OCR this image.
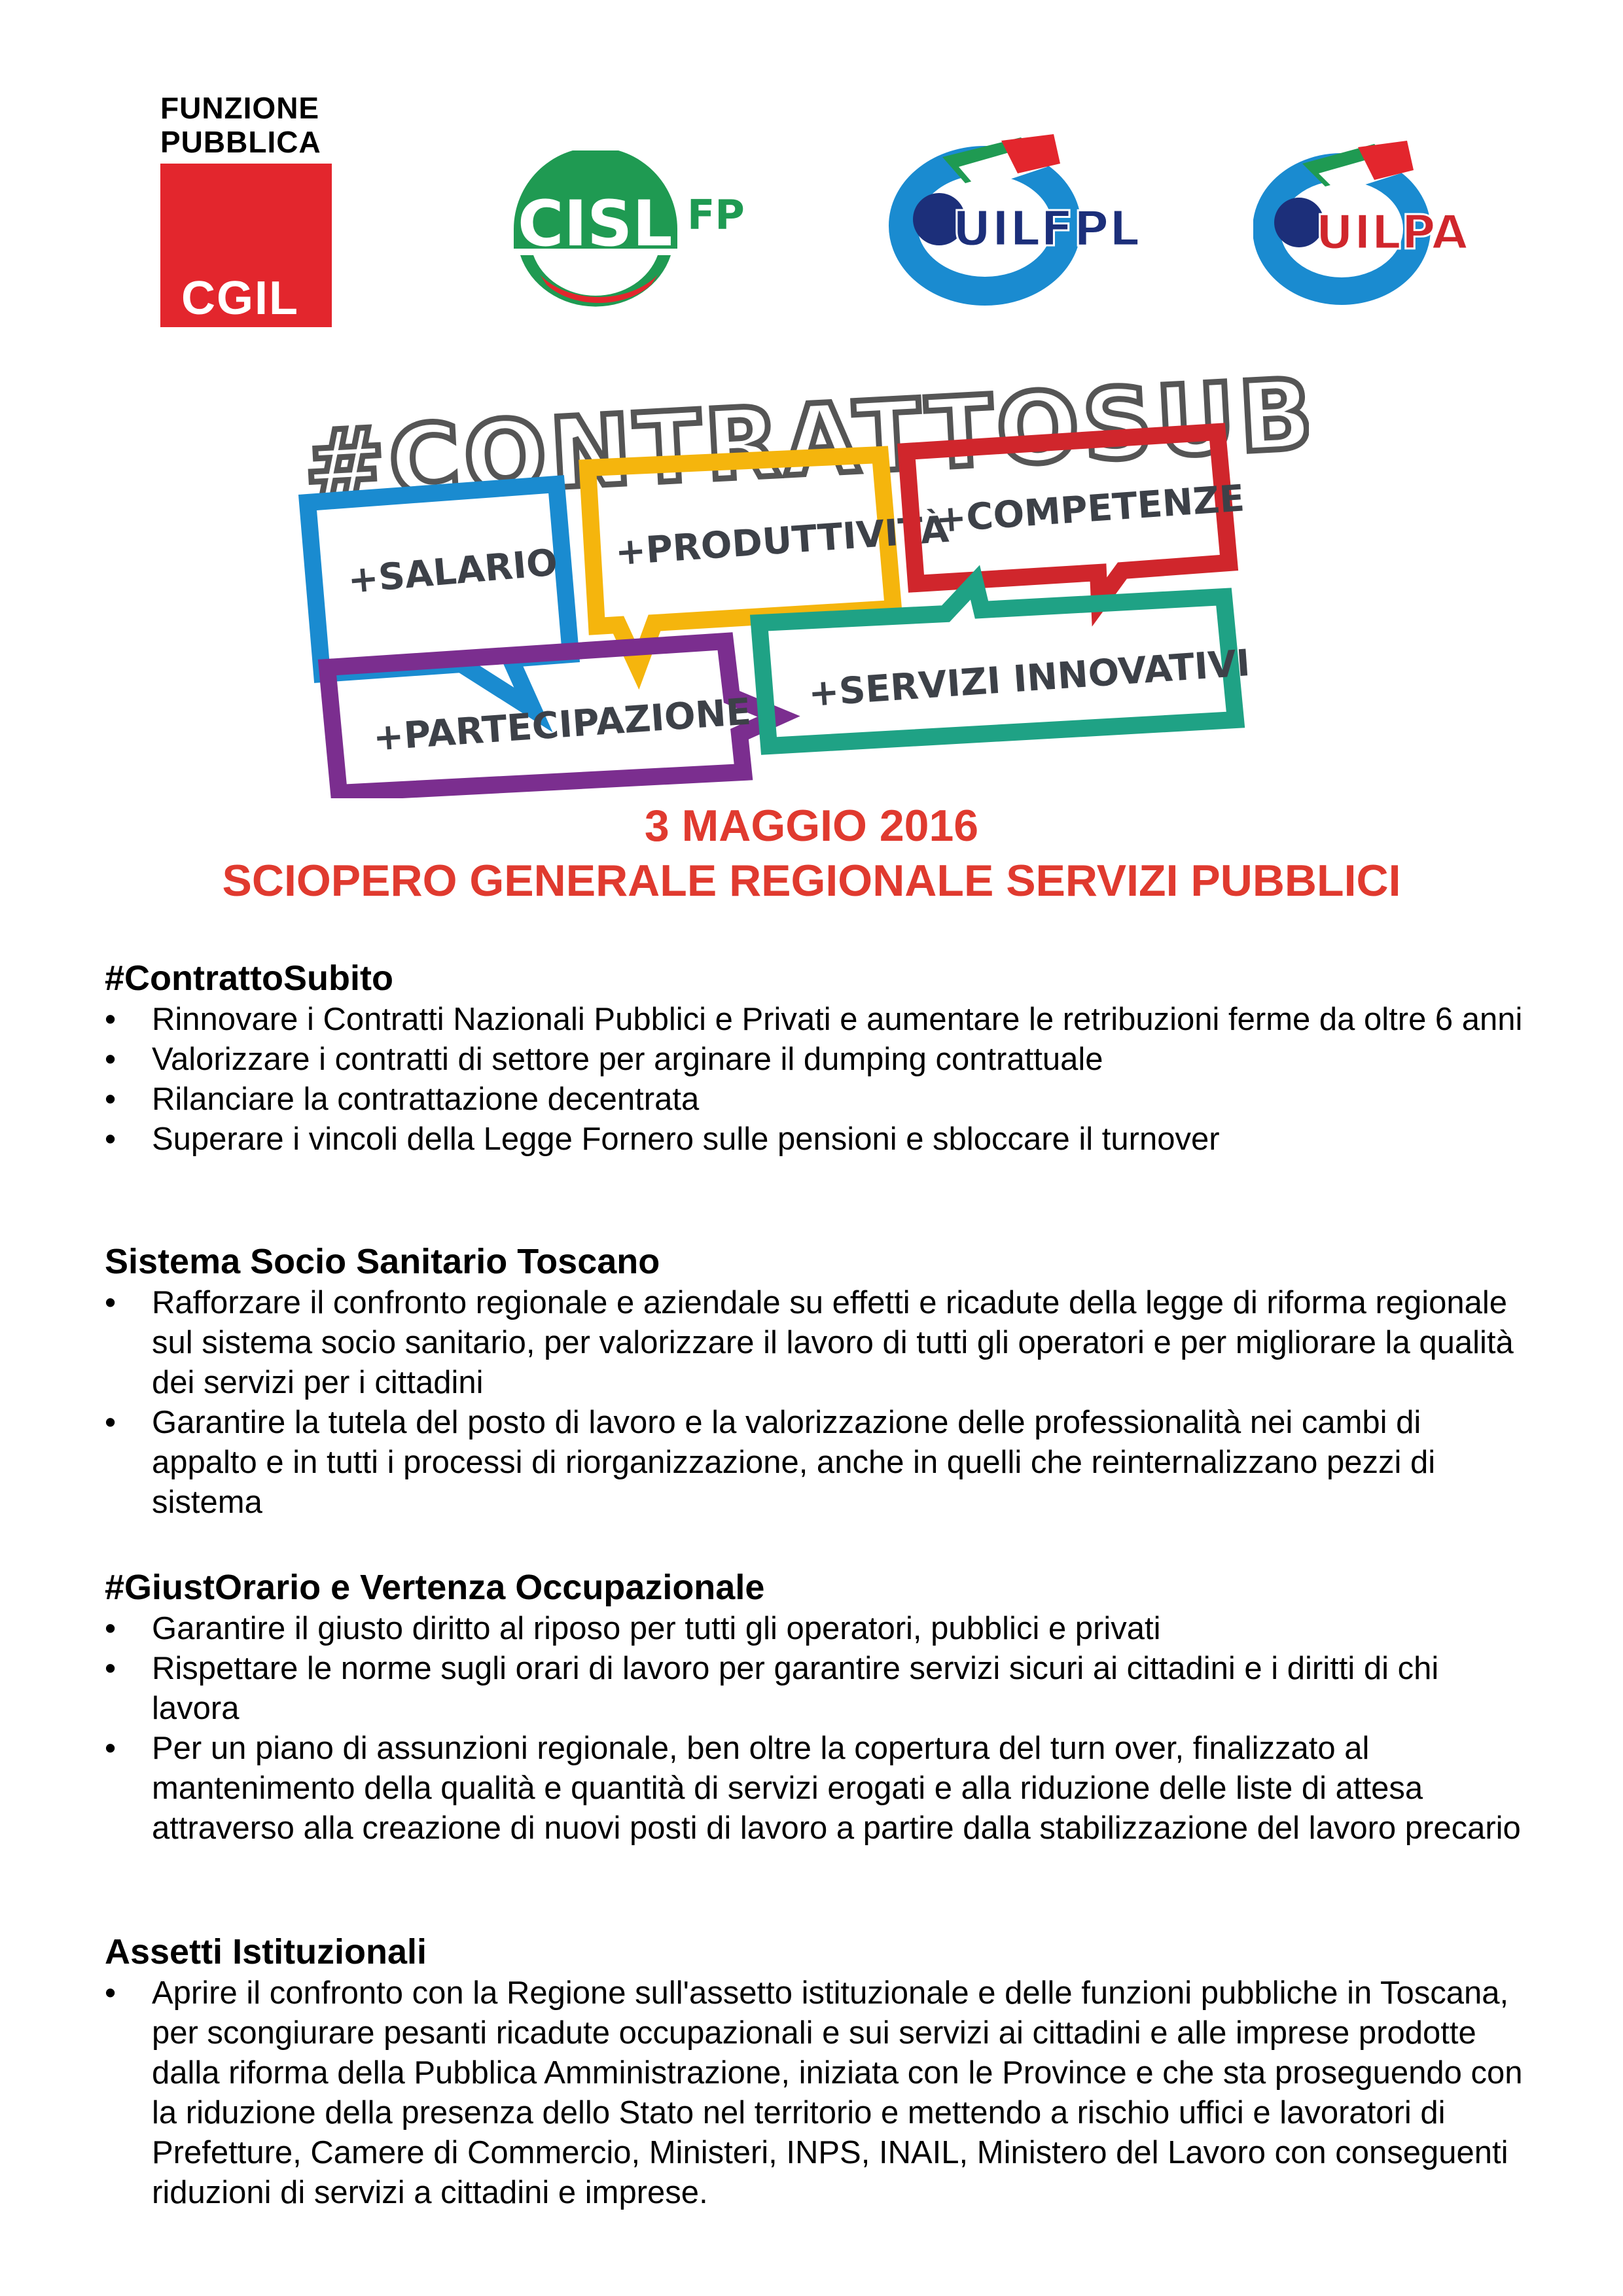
FUNZIONE
PUBBLICA
CGIL
CISL FP	UILFPL	UILPA
#CONTRATTOSUBITO
+SALARIO +PRODUTTIVITÀ
+COMPETENZE
+PARTECIPAZIONE
+SERVIZI INNOVATIVI
3 MAGGIO 2016
SCIOPERO GENERALE REGIONALE SERVIZI PUBBLICI
#ContrattoSubito
• Rinnovare i Contratti Nazionali Pubblici e Privati e aumentare le retribuzioni ferme da oltre 6 anni
• Valorizzare i contratti di settore per arginare il dumping contrattuale
• Rilanciare la contrattazione decentrata
• Superare i vincoli della Legge Fornero sulle pensioni e sbloccare il turnover
Sistema Socio Sanitario Toscano
• Rafforzare il confronto regionale e aziendale su effetti e ricadute della legge di riforma regionale sul sistema socio sanitario, per valorizzare il lavoro di tutti gli operatori e per migliorare la qualità dei servizi per i cittadini
• Garantire la tutela del posto di lavoro e la valorizzazione delle professionalità nei cambi di appalto e in tutti i processi di riorganizzazione, anche in quelli che reinternalizzano pezzi di sistema
#GiustOrario e Vertenza Occupazionale
• Garantire il giusto diritto al riposo per tutti gli operatori, pubblici e privati
• Rispettare le norme sugli orari di lavoro per garantire servizi sicuri ai cittadini e i diritti di chi lavora
• Per un piano di assunzioni regionale, ben oltre la copertura del turn over, finalizzato al mantenimento della qualità e quantità di servizi erogati e alla riduzione delle liste di attesa attraverso alla creazione di nuovi posti di lavoro a partire dalla stabilizzazione del lavoro precario
Assetti Istituzionali
• Aprire il confronto con la Regione sull'assetto istituzionale e delle funzioni pubbliche in Toscana, per scongiurare pesanti ricadute occupazionali e sui servizi ai cittadini e alle imprese prodotte dalla riforma della Pubblica Amministrazione, iniziata con le Province e che sta proseguendo con la riduzione della presenza dello Stato nel territorio e mettendo a rischio uffici e lavoratori di Prefetture, Camere di Commercio, Ministeri, INPS, INAIL, Ministero del Lavoro con conseguenti riduzioni di servizi a cittadini e imprese.
